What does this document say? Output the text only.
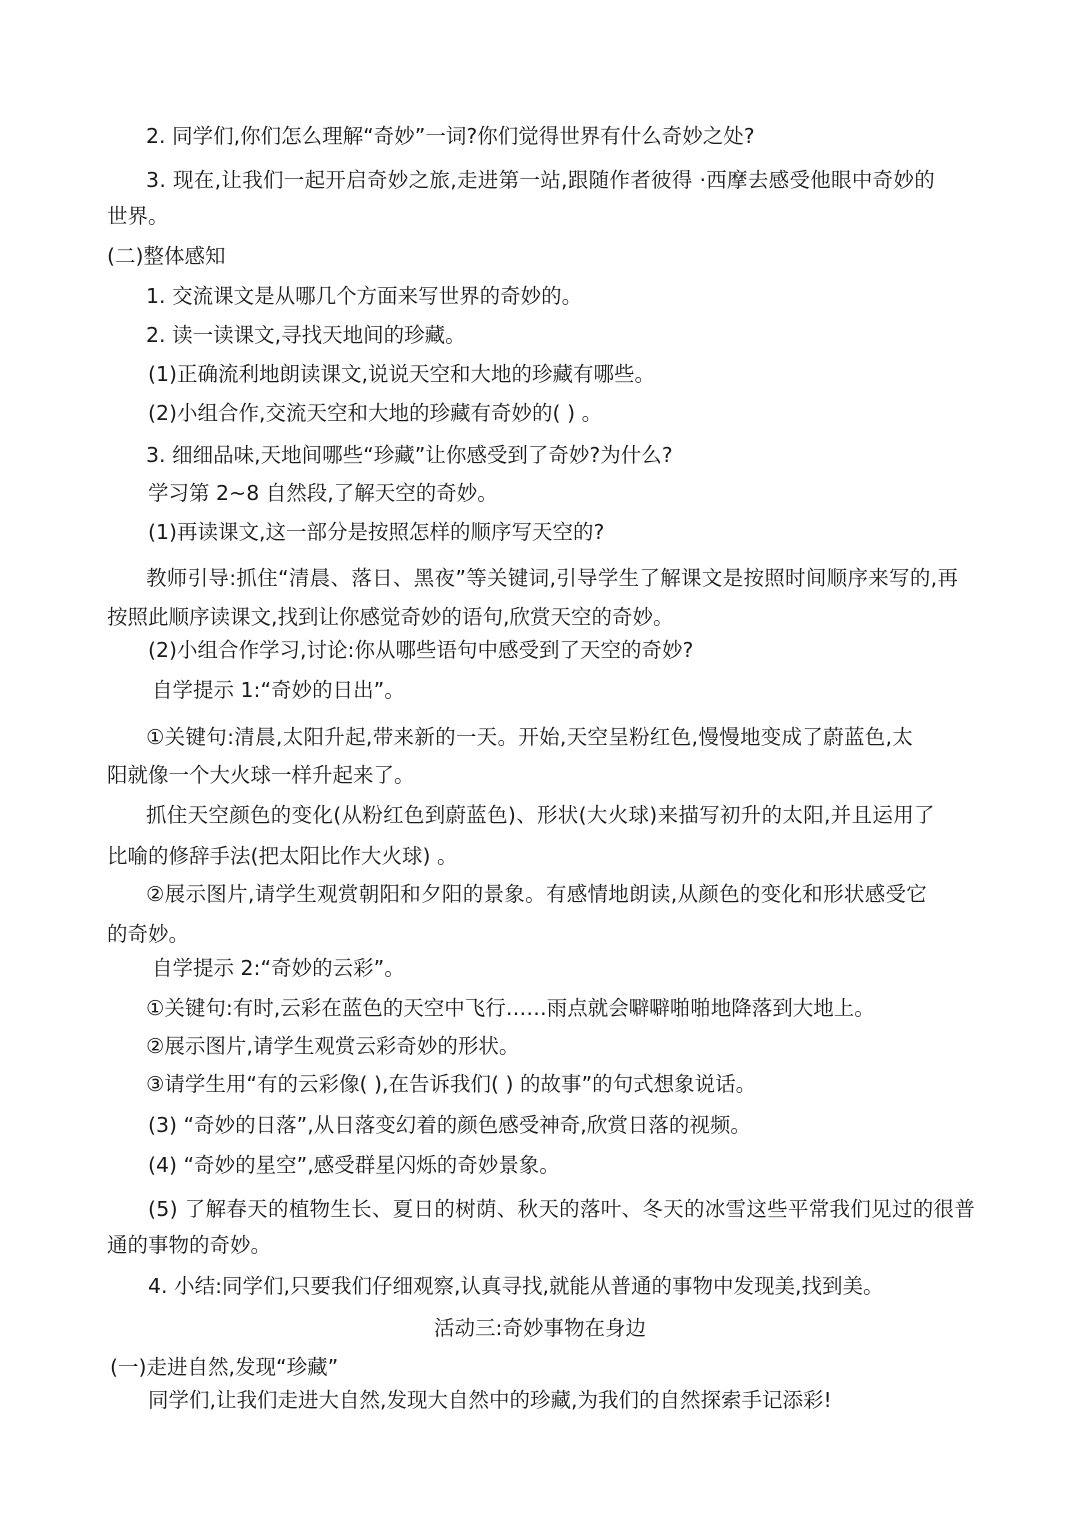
2. 同学们,你们怎么理解“奇妙”一词?你们觉得世界有什么奇妙之处?

3. 现在,让我们一起开启奇妙之旅,走进第一站,跟随作者彼得 ·西摩去感受他眼中奇妙的

世界。

(二)整体感知

1. 交流课文是从哪几个方面来写世界的奇妙的。

2. 读一读课文,寻找天地间的珍藏。

(1)正确流利地朗读课文,说说天空和大地的珍藏有哪些。

(2)小组合作,交流天空和大地的珍藏有奇妙的( ) 。

3. 细细品味,天地间哪些“珍藏”让你感受到了奇妙?为什么?

学习第 2~8 自然段,了解天空的奇妙。

(1)再读课文,这一部分是按照怎样的顺序写天空的?

教师引导:抓住“清晨、落日、黑夜”等关键词,引导学生了解课文是按照时间顺序来写的,再

按照此顺序读课文,找到让你感觉奇妙的语句,欣赏天空的奇妙。

(2)小组合作学习,讨论:你从哪些语句中感受到了天空的奇妙?

自学提示 1:“奇妙的日出”。

①关键句:清晨,太阳升起,带来新的一天。开始,天空呈粉红色,慢慢地变成了蔚蓝色,太

阳就像一个大火球一样升起来了。

抓住天空颜色的变化(从粉红色到蔚蓝色)、形状(大火球)来描写初升的太阳,并且运用了

比喻的修辞手法(把太阳比作大火球) 。

②展示图片,请学生观赏朝阳和夕阳的景象。有感情地朗读,从颜色的变化和形状感受它

的奇妙。

自学提示 2:“奇妙的云彩”。

①关键句:有时,云彩在蓝色的天空中飞行……雨点就会噼噼啪啪地降落到大地上。

②展示图片,请学生观赏云彩奇妙的形状。

③请学生用“有的云彩像( ),在告诉我们( ) 的故事”的句式想象说话。

(3) “奇妙的日落”,从日落变幻着的颜色感受神奇,欣赏日落的视频。

(4) “奇妙的星空”,感受群星闪烁的奇妙景象。

(5) 了解春天的植物生长、夏日的树荫、秋天的落叶、冬天的冰雪这些平常我们见过的很普

通的事物的奇妙。

4. 小结:同学们,只要我们仔细观察,认真寻找,就能从普通的事物中发现美,找到美。

活动三:奇妙事物在身边

(一)走进自然,发现“珍藏”

同学们,让我们走进大自然,发现大自然中的珍藏,为我们的自然探索手记添彩!
